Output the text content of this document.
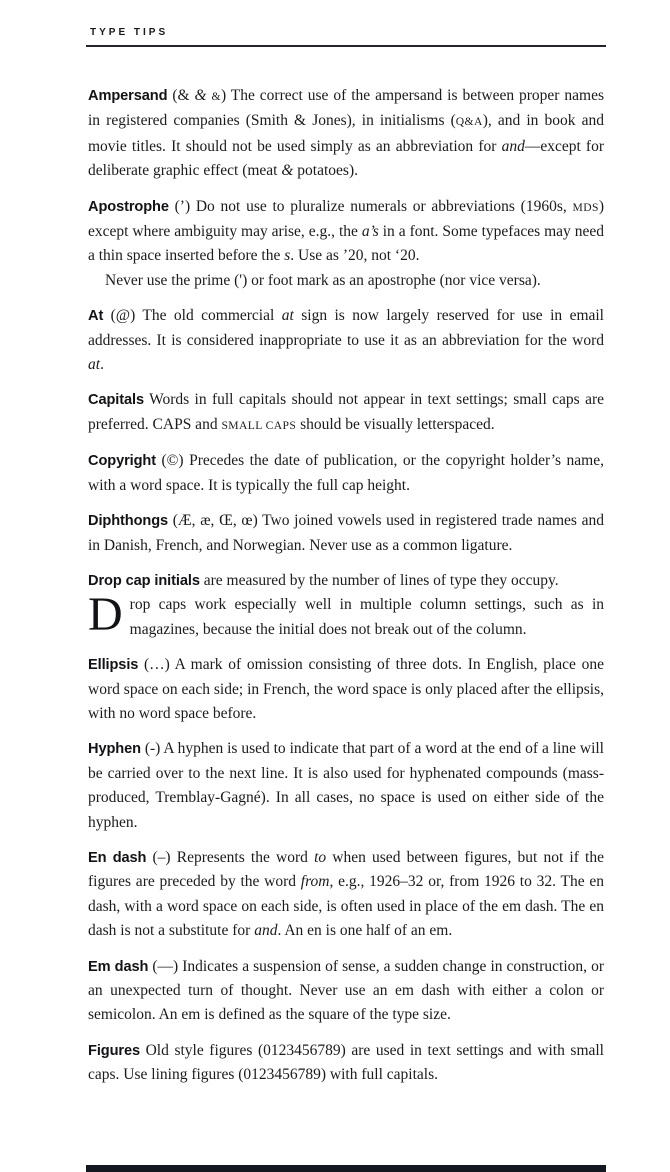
TYPE TIPS

Ampersand (& & &) The correct use of the ampersand is between proper names in registered companies (Smith & Jones), in initialisms (Q&A), and in book and movie titles. It should not be used simply as an abbreviation for and—except for deliberate graphic effect (meat & potatoes).

Apostrophe (’) Do not use to pluralize numerals or abbreviations (1960s, MDS) except where ambiguity may arise, e.g., the a’s in a font. Some typefaces may need a thin space inserted before the s. Use as ’20, not ‘20.

Never use the prime (') or foot mark as an apostrophe (nor vice versa).

At (@) The old commercial at sign is now largely reserved for use in email addresses. It is considered inappropriate to use it as an abbreviation for the word at.

Capitals Words in full capitals should not appear in text settings; small caps are preferred. CAPS and SMALL CAPS should be visually letterspaced.

Copyright (©) Precedes the date of publication, or the copyright holder’s name, with a word space. It is typically the full cap height.

Diphthongs (Æ, æ, Œ, œ) Two joined vowels used in registered trade names and in Danish, French, and Norwegian. Never use as a common ligature.

Drop cap initials are measured by the number of lines of type they occupy.

Drop caps work especially well in multiple column settings, such as in magazines, because the initial does not break out of the column.

Ellipsis (…) A mark of omission consisting of three dots. In English, place one word space on each side; in French, the word space is only placed after the ellipsis, with no word space before.

Hyphen (-) A hyphen is used to indicate that part of a word at the end of a line will be carried over to the next line. It is also used for hyphenated compounds (mass-produced, Tremblay-Gagné). In all cases, no space is used on either side of the hyphen.

En dash (–) Represents the word to when used between figures, but not if the figures are preceded by the word from, e.g., 1926–32 or, from 1926 to 32. The en dash, with a word space on each side, is often used in place of the em dash. The en dash is not a substitute for and. An en is one half of an em.

Em dash (—) Indicates a suspension of sense, a sudden change in construction, or an unexpected turn of thought. Never use an em dash with either a colon or semicolon. An em is defined as the square of the type size.

Figures Old style figures (0123456789) are used in text settings and with small caps. Use lining figures (0123456789) with full capitals.
